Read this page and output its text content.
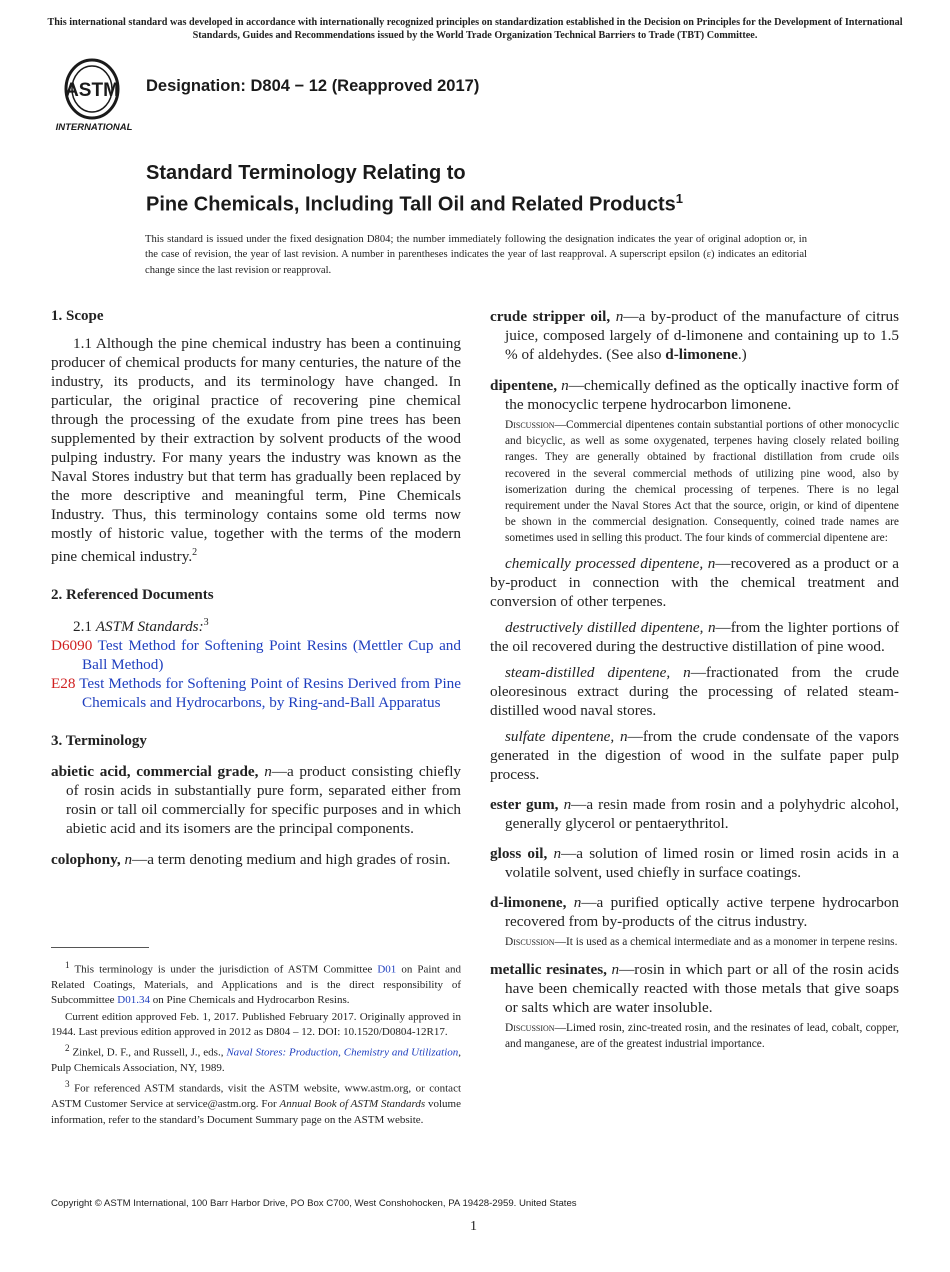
This international standard was developed in accordance with internationally recognized principles on standardization established in the Decision on Principles for the Development of International Standards, Guides and Recommendations issued by the World Trade Organization Technical Barriers to Trade (TBT) Committee.
ASTM
INTERNATIONAL
Designation: D804 − 12 (Reapproved 2017)
Standard Terminology Relating to
Pine Chemicals, Including Tall Oil and Related Products$^1$
This standard is issued under the fixed designation D804; the number immediately following the designation indicates the year of original adoption or, in the case of revision, the year of last revision. A number in parentheses indicates the year of last reapproval. A superscript epsilon (ε) indicates an editorial change since the last revision or reapproval.
1. Scope

1.1 Although the pine chemical industry has been a continuing producer of chemical products for many centuries, the nature of the industry, its products, and its terminology have changed. In particular, the original practice of recovering pine chemical through the processing of the exudate from pine trees has been supplemented by their extraction by solvent products of the wood pulping industry. For many years the industry was known as the Naval Stores industry but that term has gradually been replaced by the more descriptive and meaningful term, Pine Chemicals Industry. Thus, this terminology contains some old terms now mostly of historic value, together with the terms of the modern pine chemical industry.$^2$

2. Referenced Documents

2.1 ASTM Standards:$^3$

D6090 Test Method for Softening Point Resins (Mettler Cup and Ball Method)

E28 Test Methods for Softening Point of Resins Derived from Pine Chemicals and Hydrocarbons, by Ring-and-Ball Apparatus

3. Terminology

abietic acid, commercial grade, n—a product consisting chiefly of rosin acids in substantially pure form, separated either from rosin or tall oil commercially for specific purposes and in which abietic acid and its isomers are the principal components.

colophony, n—a term denoting medium and high grades of rosin.

$^1$ This terminology is under the jurisdiction of ASTM Committee D01 on Paint and Related Coatings, Materials, and Applications and is the direct responsibility of Subcommittee D01.34 on Pine Chemicals and Hydrocarbon Resins.

Current edition approved Feb. 1, 2017. Published February 2017. Originally approved in 1944. Last previous edition approved in 2012 as D804 – 12. DOI: 10.1520/D0804-12R17.

$^2$ Zinkel, D. F., and Russell, J., eds., Naval Stores: Production, Chemistry and Utilization, Pulp Chemicals Association, NY, 1989.

$^3$ For referenced ASTM standards, visit the ASTM website, www.astm.org, or contact ASTM Customer Service at service@astm.org. For Annual Book of ASTM Standards volume information, refer to the standard’s Document Summary page on the ASTM website.

crude stripper oil, n—a by-product of the manufacture of citrus juice, composed largely of d-limonene and containing up to 1.5 % of aldehydes. (See also d-limonene.)

dipentene, n—chemically defined as the optically inactive form of the monocyclic terpene hydrocarbon limonene.

Discussion—Commercial dipentenes contain substantial portions of other monocyclic and bicyclic, as well as some oxygenated, terpenes having closely related boiling ranges. They are generally obtained by fractional distillation from crude oils recovered in the several commercial methods of utilizing pine wood, also by isomerization during the chemical processing of terpenes. There is no legal requirement under the Naval Stores Act that the source, origin, or kind of dipentene be shown in the commercial designation. Consequently, coined trade names are sometimes used in selling this product. The four kinds of commercial dipentene are:

chemically processed dipentene, n—recovered as a product or a by-product in connection with the chemical treatment and conversion of other terpenes.

destructively distilled dipentene, n—from the lighter portions of the oil recovered during the destructive distillation of pine wood.

steam-distilled dipentene, n—fractionated from the crude oleoresinous extract during the processing of related steam-distilled wood naval stores.

sulfate dipentene, n—from the crude condensate of the vapors generated in the digestion of wood in the sulfate paper pulp process.

ester gum, n—a resin made from rosin and a polyhydric alcohol, generally glycerol or pentaerythritol.

gloss oil, n—a solution of limed rosin or limed rosin acids in a volatile solvent, used chiefly in surface coatings.

d-limonene, n—a purified optically active terpene hydrocarbon recovered from by-products of the citrus industry.

Discussion—It is used as a chemical intermediate and as a monomer in terpene resins.

metallic resinates, n—rosin in which part or all of the rosin acids have been chemically reacted with those metals that give soaps or salts which are water insoluble.

Discussion—Limed rosin, zinc-treated rosin, and the resinates of lead, cobalt, copper, and manganese, are of the greatest industrial importance.

Copyright © ASTM International, 100 Barr Harbor Drive, PO Box C700, West Conshohocken, PA 19428-2959. United States
1
